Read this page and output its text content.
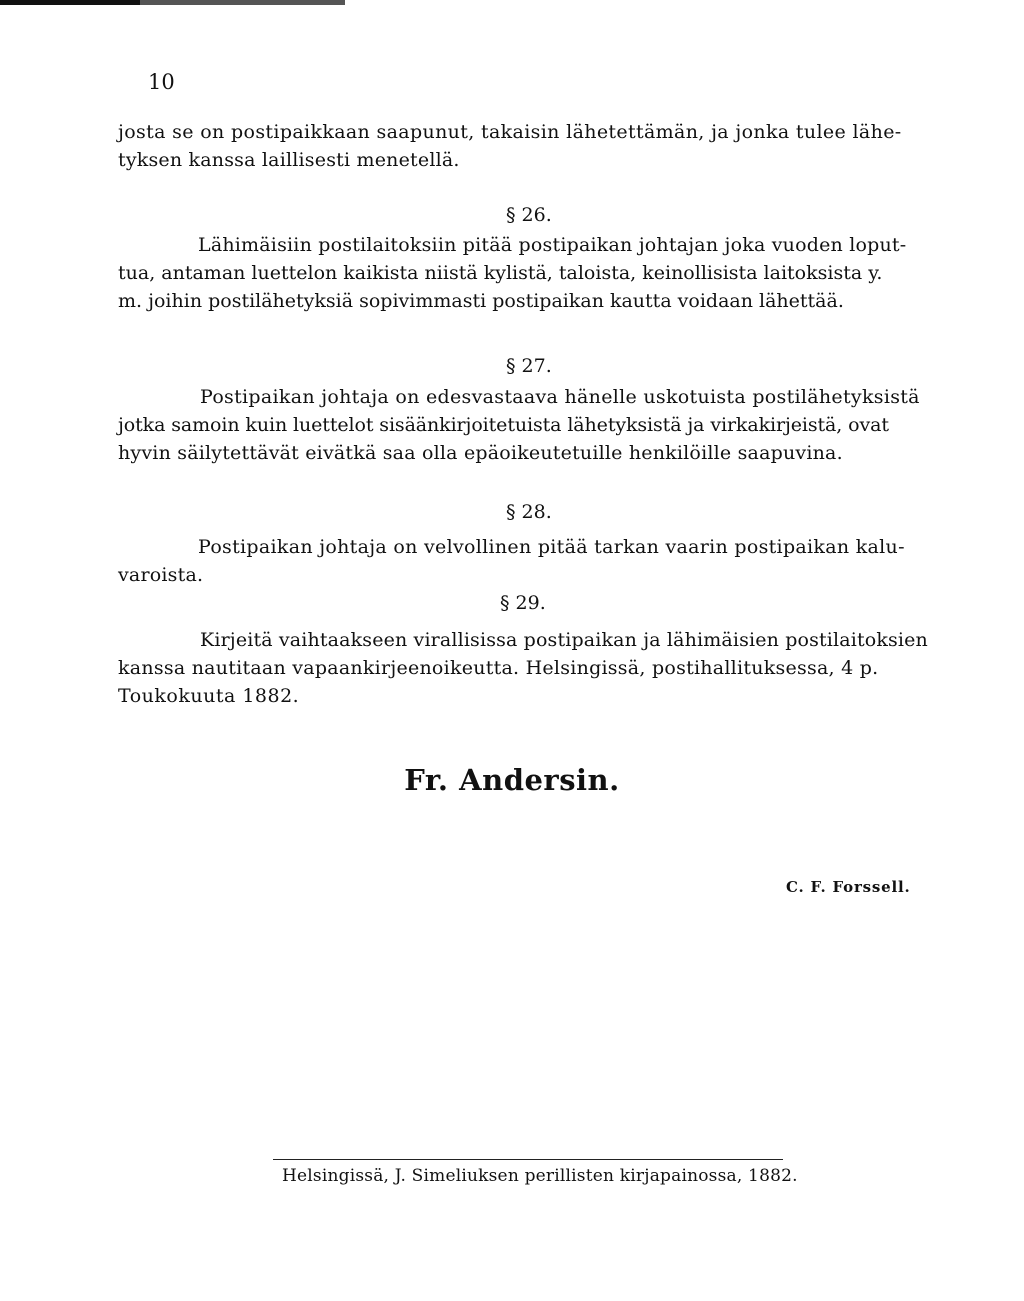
10
josta se on postipaikkaan saapunut, takaisin lähetettämän, ja jonka tulee lähe-
tyksen kanssa laillisesti menetellä.
§ 26.
Lähimäisiin postilaitoksiin pitää postipaikan johtajan joka vuoden loput-
tua, antaman luettelon kaikista niistä kylistä, taloista, keinollisista laitoksista y.
m. joihin postilähetyksiä sopivimmasti postipaikan kautta voidaan lähettää.
§ 27.
Postipaikan johtaja on edesvastaava hänelle uskotuista postilähetyksistä
jotka samoin kuin luettelot sisäänkirjoitetuista lähetyksistä ja virkakirjeistä, ovat
hyvin säilytettävät eivätkä saa olla epäoikeutetuille henkilöille saapuvina.
§ 28.
Postipaikan johtaja on velvollinen pitää tarkan vaarin postipaikan kalu-
varoista.
§ 29.
Kirjeitä vaihtaakseen virallisissa postipaikan ja lähimäisien postilaitoksien
kanssa nautitaan vapaankirjeenoikeutta. Helsingissä, postihallituksessa, 4 p.
Toukokuuta 1882.
Fr. Andersin.
C. F. Forssell.
Helsingissä, J. Simeliuksen perillisten kirjapainossa, 1882.
